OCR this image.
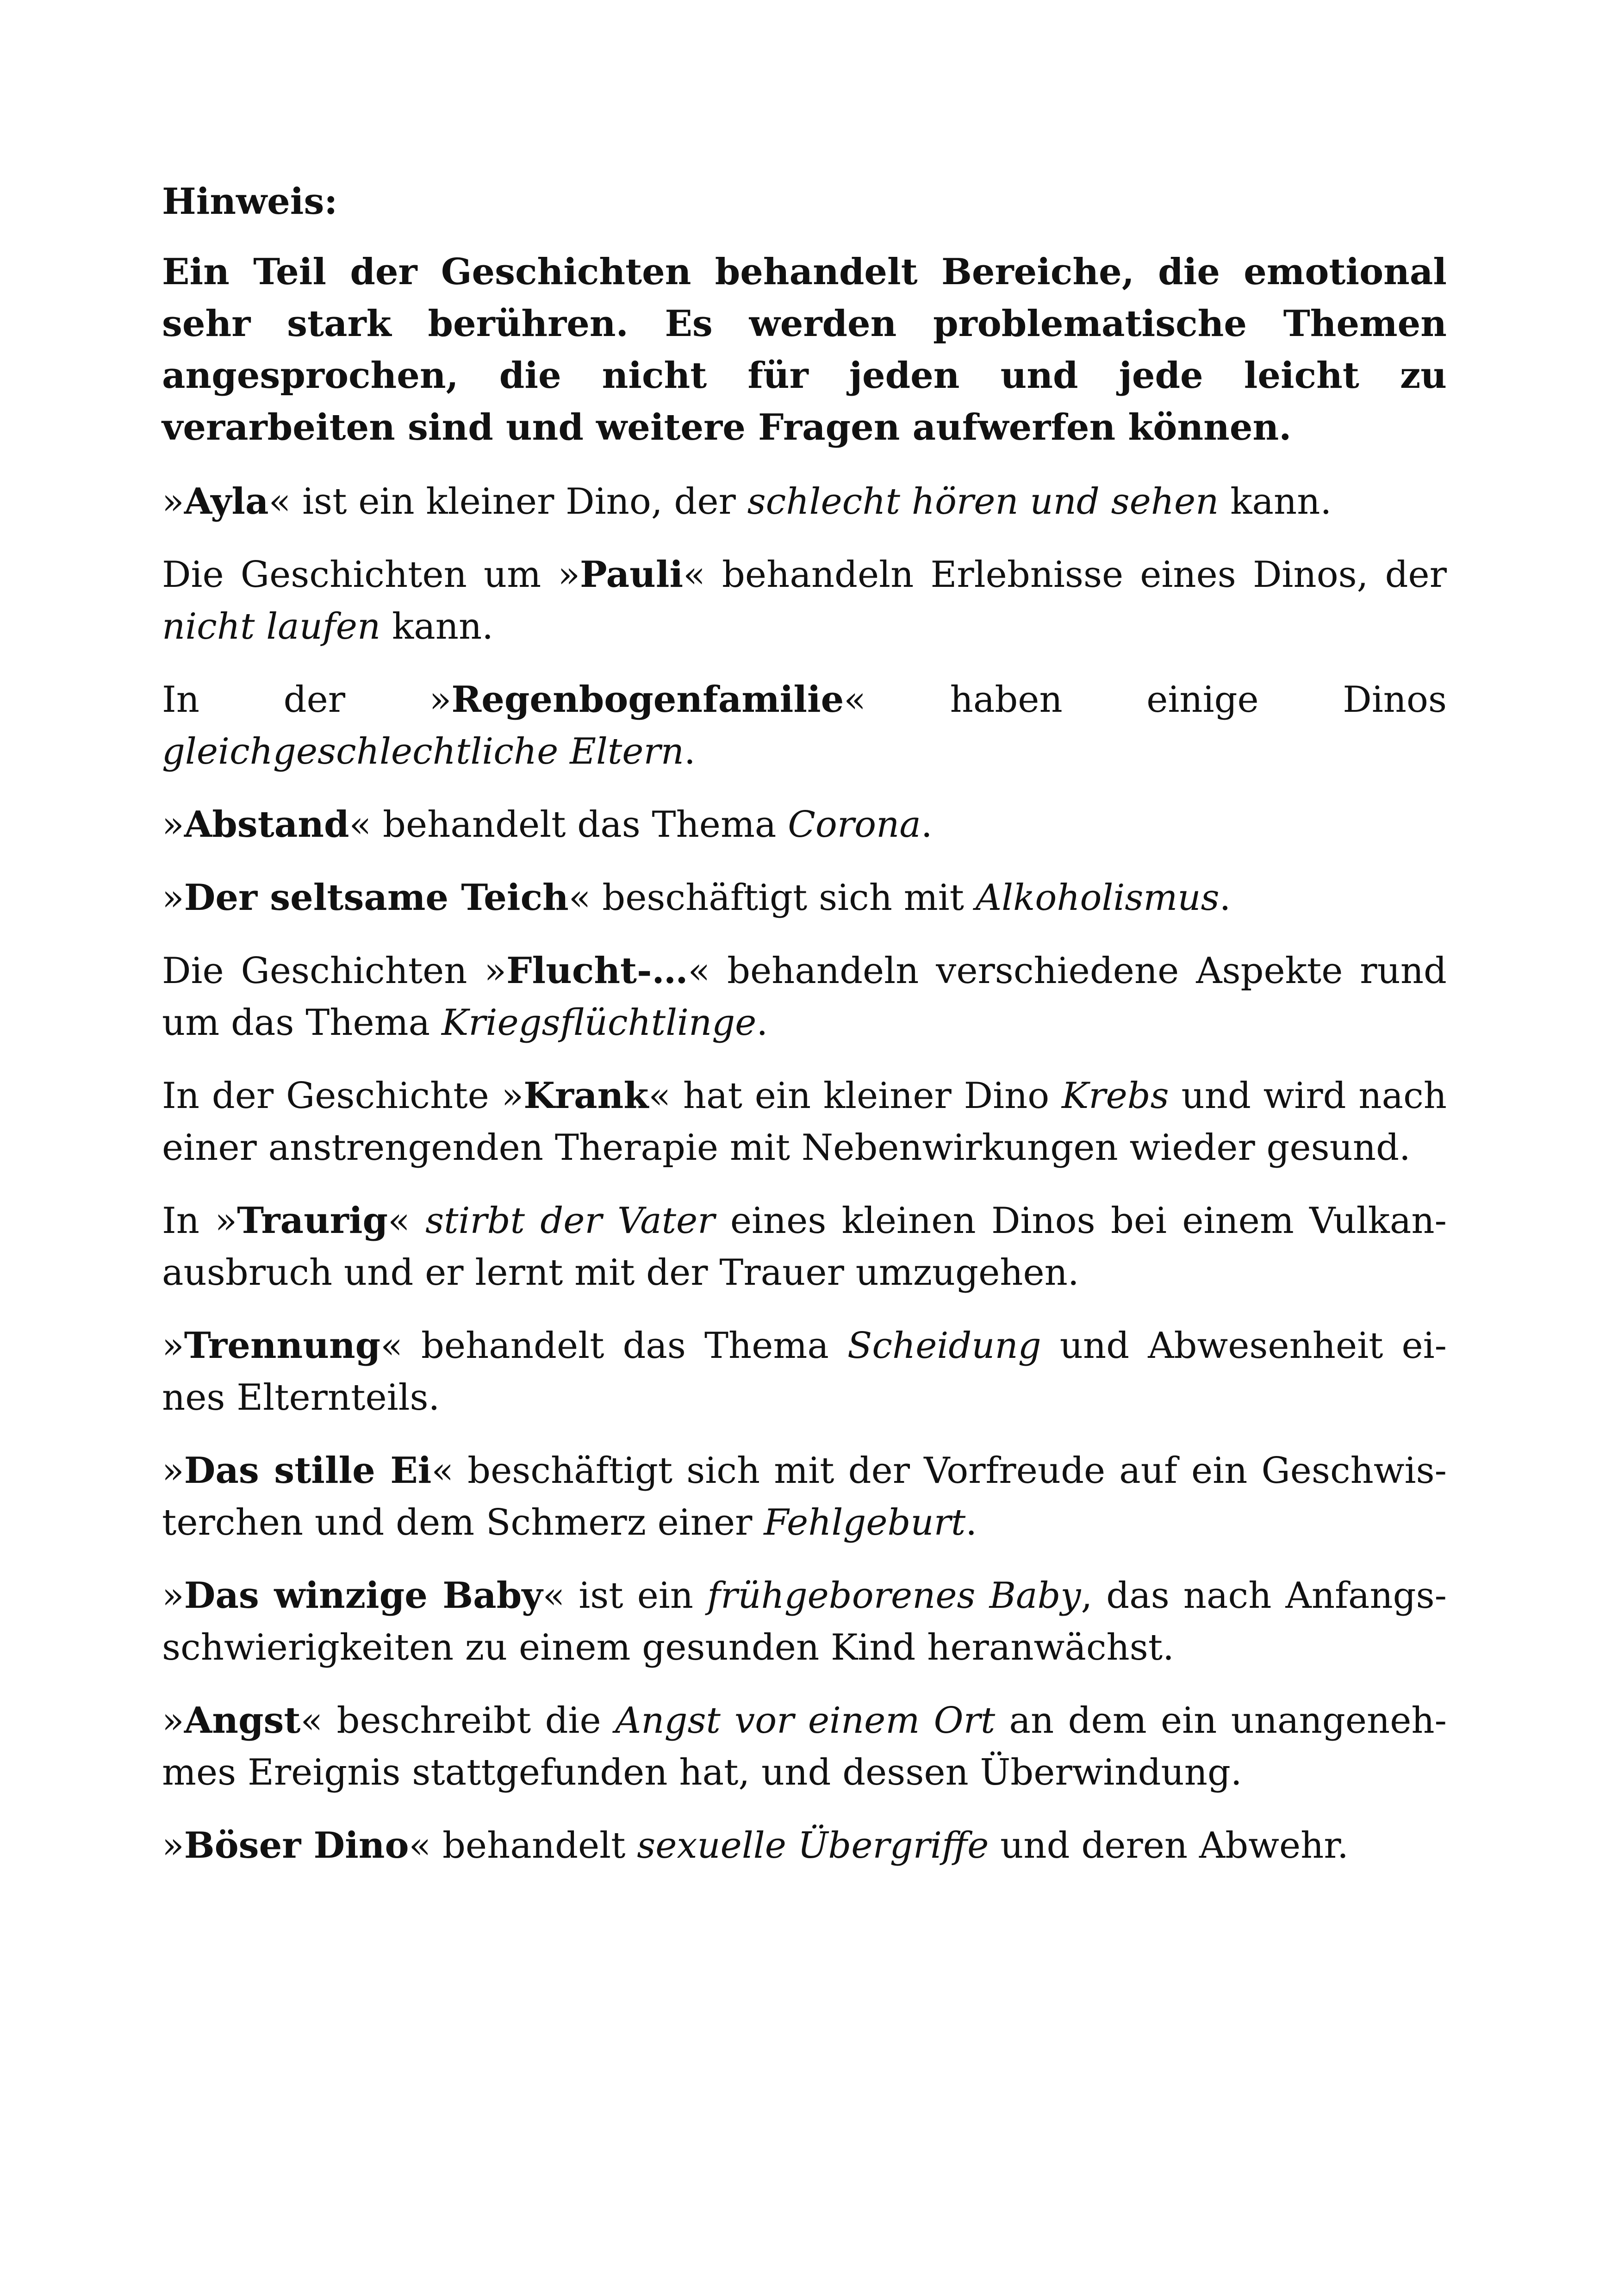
Hinweis:

Ein Teil der Geschichten behandelt Bereiche, die emotional sehr stark berühren. Es werden problematische Themen angesprochen, die nicht für jeden und jede leicht zu verarbeiten sind und weitere Fragen aufwerfen können.

»Ayla« ist ein kleiner Dino, der schlecht hören und sehen kann.

Die Geschichten um »Pauli« behandeln Erlebnisse eines Dinos, der nicht laufen kann.

In der »Regenbogenfamilie« haben einige Dinos gleichgeschlechtliche Eltern.

»Abstand« behandelt das Thema Corona.

»Der seltsame Teich« beschäftigt sich mit Alkoholismus.

Die Geschichten »Flucht-…« behandeln verschiedene Aspekte rund um das Thema Kriegsflüchtlinge.

In der Geschichte »Krank« hat ein kleiner Dino Krebs und wird nach einer anstrengenden Therapie mit Nebenwirkungen wieder gesund.

In »Traurig« stirbt der Vater eines kleinen Dinos bei einem Vulkanausbruch und er lernt mit der Trauer umzugehen.

»Trennung« behandelt das Thema Scheidung und Abwesenheit eines Elternteils.

»Das stille Ei« beschäftigt sich mit der Vorfreude auf ein Geschwisterchen und dem Schmerz einer Fehlgeburt.

»Das winzige Baby« ist ein frühgeborenes Baby, das nach Anfangsschwierigkeiten zu einem gesunden Kind heranwächst.

»Angst« beschreibt die Angst vor einem Ort an dem ein unangenehmes Ereignis stattgefunden hat, und dessen Überwindung.

»Böser Dino« behandelt sexuelle Übergriffe und deren Abwehr.
